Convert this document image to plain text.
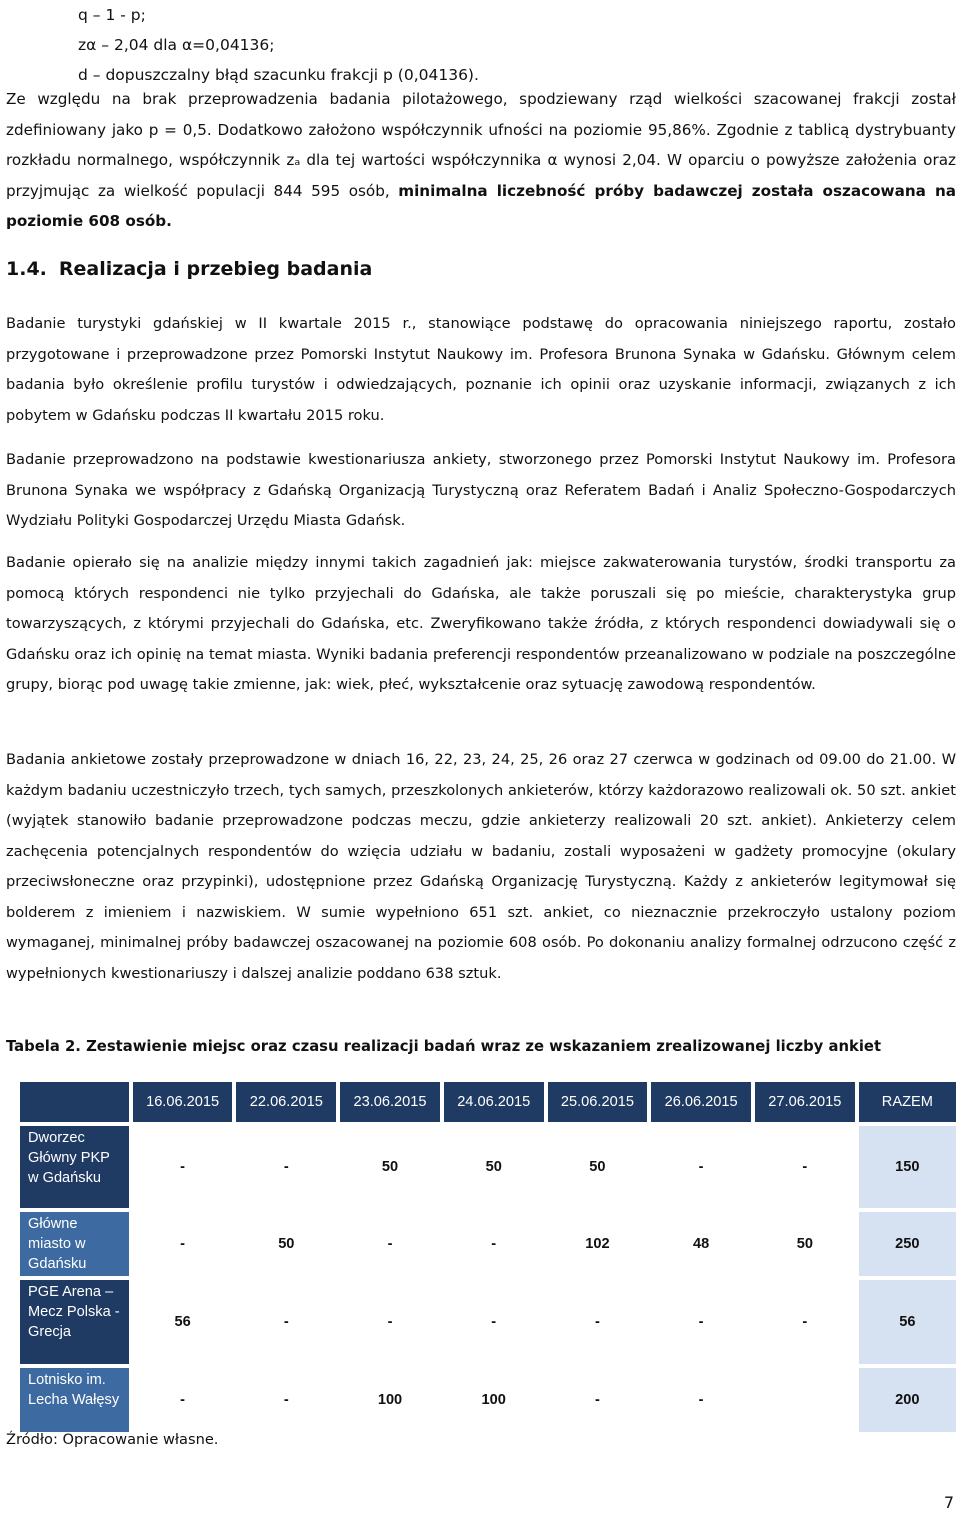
q – 1 - p;
zα – 2,04 dla α=0,04136;
d – dopuszczalny błąd szacunku frakcji p (0,04136).

Ze względu na brak przeprowadzenia badania pilotażowego, spodziewany rząd wielkości szacowanej frakcji został zdefiniowany jako p = 0,5. Dodatkowo założono współczynnik ufności na poziomie 95,86%. Zgodnie z tablicą dystrybuanty rozkładu normalnego, współczynnik zₐ dla tej wartości współczynnika α wynosi 2,04. W oparciu o powyższe założenia oraz przyjmując za wielkość populacji 844 595 osób, minimalna liczebność próby badawczej została oszacowana na poziomie 608 osób.

1.4. Realizacja i przebieg badania

Badanie turystyki gdańskiej w II kwartale 2015 r., stanowiące podstawę do opracowania niniejszego raportu, zostało przygotowane i przeprowadzone przez Pomorski Instytut Naukowy im. Profesora Brunona Synaka w Gdańsku. Głównym celem badania było określenie profilu turystów i odwiedzających, poznanie ich opinii oraz uzyskanie informacji, związanych z ich pobytem w Gdańsku podczas II kwartału 2015 roku.

Badanie przeprowadzono na podstawie kwestionariusza ankiety, stworzonego przez Pomorski Instytut Naukowy im. Profesora Brunona Synaka we współpracy z Gdańską Organizacją Turystyczną oraz Referatem Badań i Analiz Społeczno-Gospodarczych Wydziału Polityki Gospodarczej Urzędu Miasta Gdańsk.

Badanie opierało się na analizie między innymi takich zagadnień jak: miejsce zakwaterowania turystów, środki transportu za pomocą których respondenci nie tylko przyjechali do Gdańska, ale także poruszali się po mieście, charakterystyka grup towarzyszących, z którymi przyjechali do Gdańska, etc. Zweryfikowano także źródła, z których respondenci dowiadywali się o Gdańsku oraz ich opinię na temat miasta. Wyniki badania preferencji respondentów przeanalizowano w podziale na poszczególne grupy, biorąc pod uwagę takie zmienne, jak: wiek, płeć, wykształcenie oraz sytuację zawodową respondentów.

Badania ankietowe zostały przeprowadzone w dniach 16, 22, 23, 24, 25, 26 oraz 27 czerwca w godzinach od 09.00 do 21.00. W każdym badaniu uczestniczyło trzech, tych samych, przeszkolonych ankieterów, którzy każdorazowo realizowali ok. 50 szt. ankiet (wyjątek stanowiło badanie przeprowadzone podczas meczu, gdzie ankieterzy realizowali 20 szt. ankiet). Ankieterzy celem zachęcenia potencjalnych respondentów do wzięcia udziału w badaniu, zostali wyposażeni w gadżety promocyjne (okulary przeciwsłoneczne oraz przypinki), udostępnione przez Gdańską Organizację Turystyczną. Każdy z ankieterów legitymował się bolderem z imieniem i nazwiskiem. W sumie wypełniono 651 szt. ankiet, co nieznacznie przekroczyło ustalony poziom wymaganej, minimalnej próby badawczej oszacowanej na poziomie 608 osób. Po dokonaniu analizy formalnej odrzucono część z wypełnionych kwestionariuszy i dalszej analizie poddano 638 sztuk.

Tabela 2. Zestawienie miejsc oraz czasu realizacji badań wraz ze wskazaniem zrealizowanej liczby ankiet

	16.06.2015	22.06.2015	23.06.2015	24.06.2015	25.06.2015	26.06.2015	27.06.2015	RAZEM
Dworzec Główny PKP w Gdańsku	-	-	50	50	50	-	-	150
Główne miasto w Gdańsku	-	50	-	-	102	48	50	250
PGE Arena – Mecz Polska - Grecja	56	-	-	-	-	-	-	56
Lotnisko im. Lecha Wałęsy	-	-	100	100	-	-		200

Źródło: Opracowanie własne.

7
